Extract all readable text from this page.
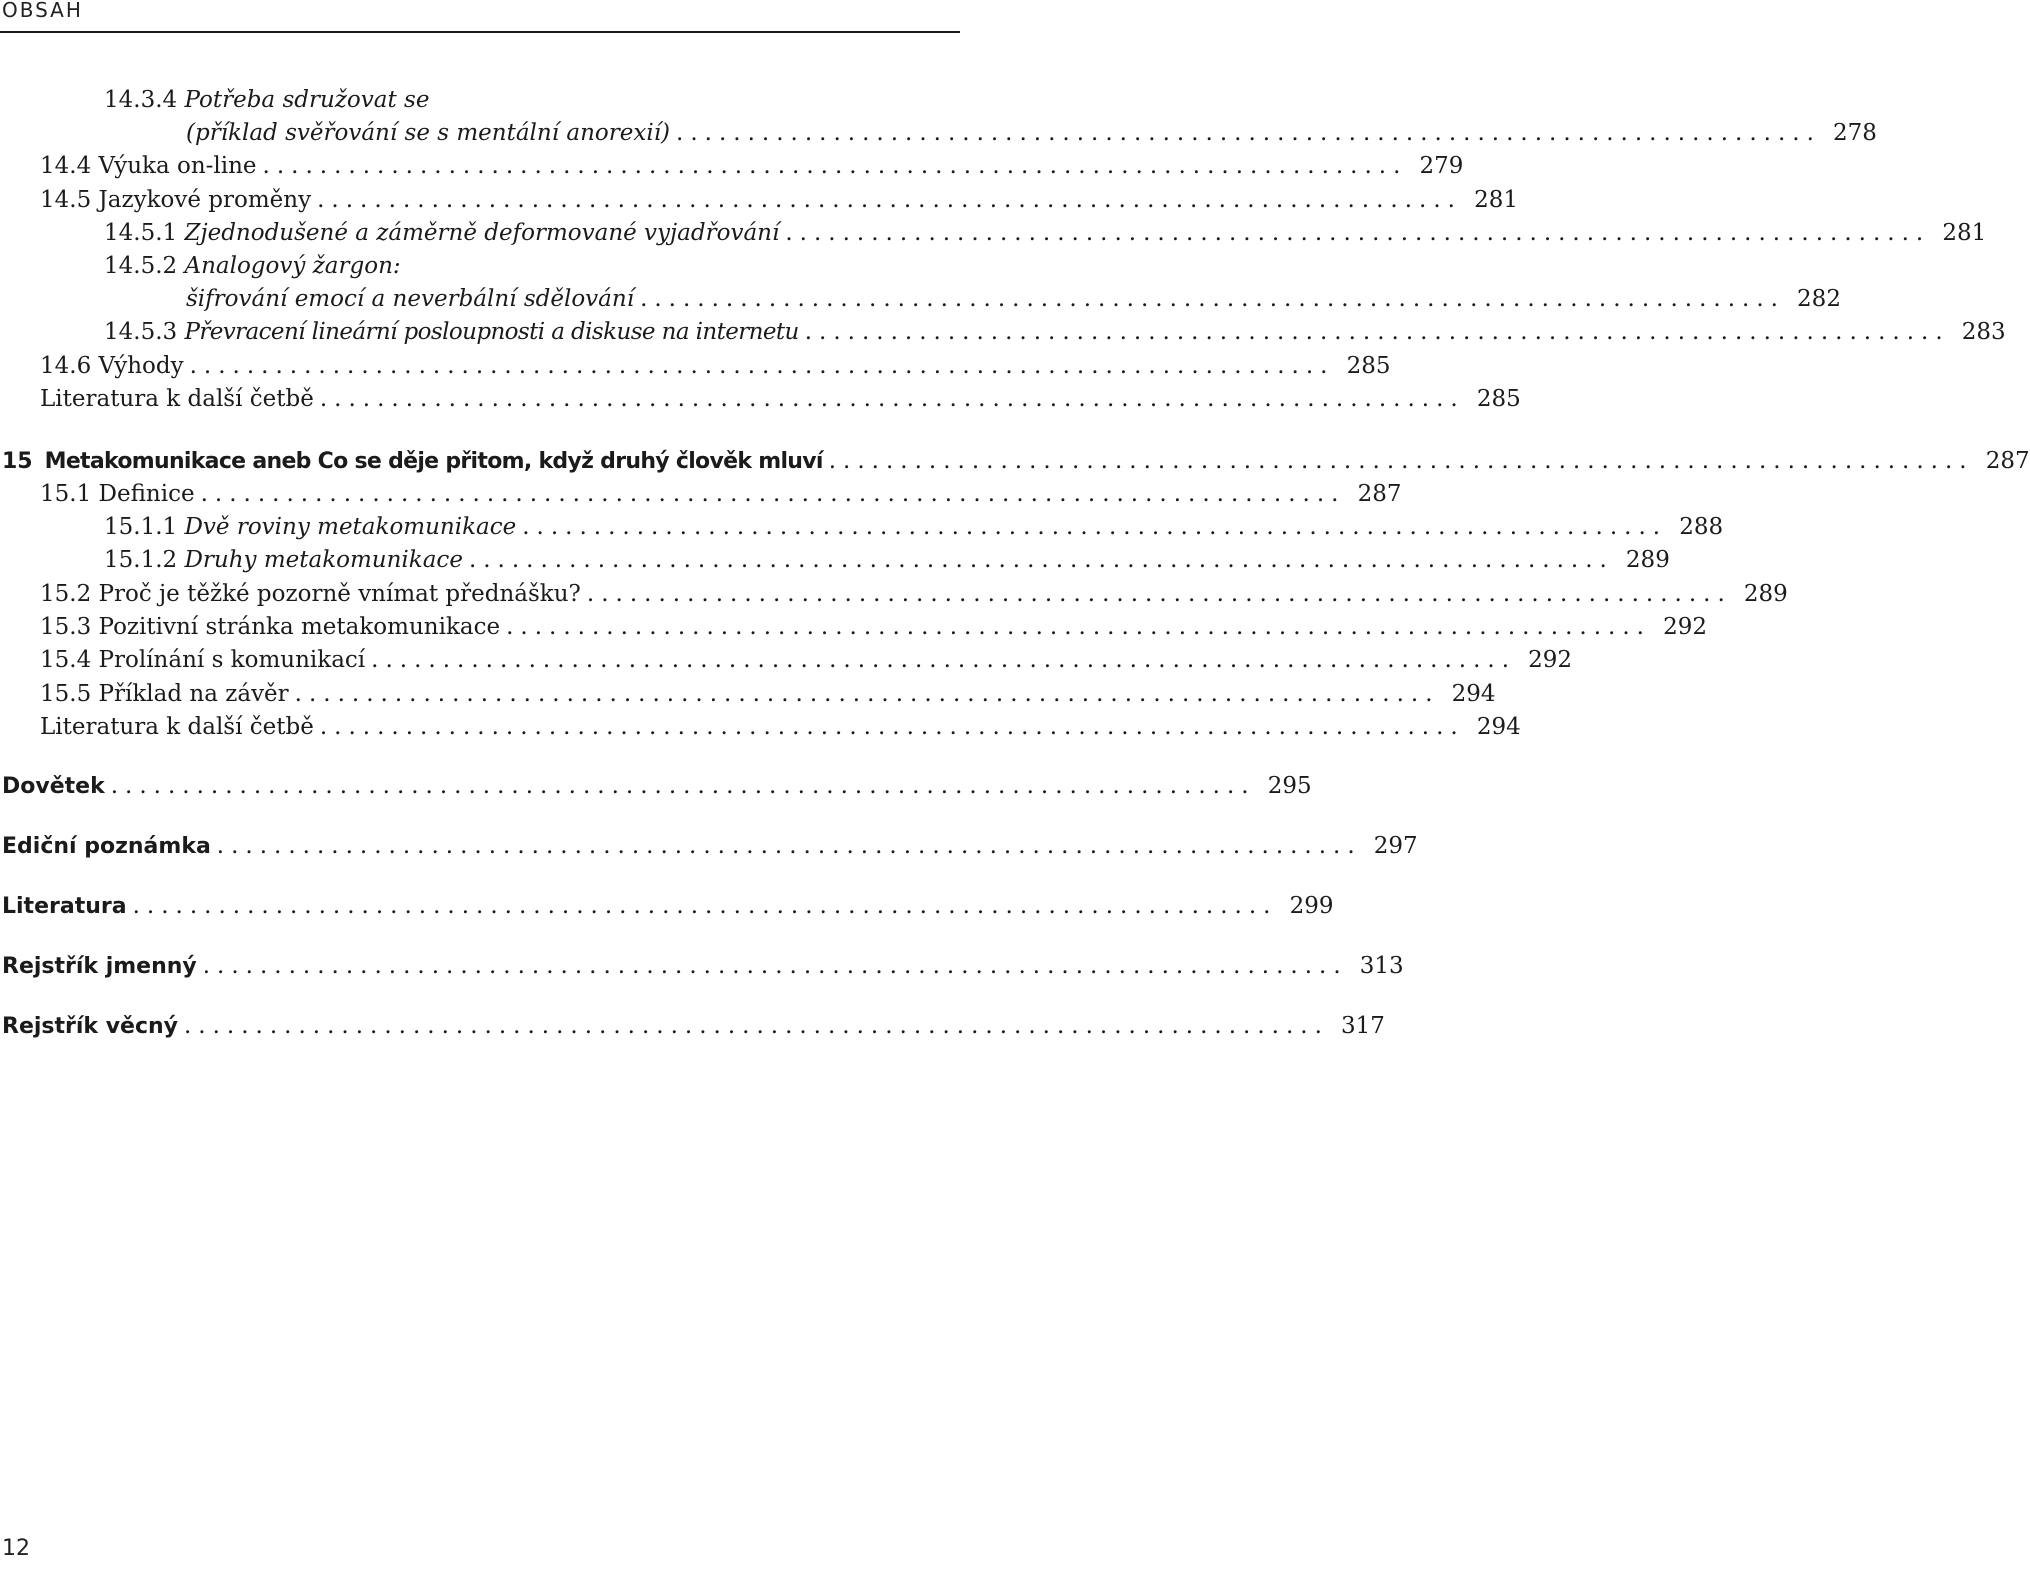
OBSAH
14.3.4
Potřeba sdružovat se
(příklad svěřování se s mentální anorexií) ................................................................................ 278
14.4
Výuka on-line ................................................................................ 279
14.5
Jazykové proměny ................................................................................ 281
14.5.1
Zjednodušené a záměrně deformované vyjadřování ................................................................................ 281
14.5.2
Analogový žargon:
šifrování emocí a neverbální sdělování ................................................................................ 282
14.5.3
Převracení lineární posloupnosti a diskuse na internetu ................................................................................ 283
14.6
Výhody ................................................................................ 285
Literatura k další četbě ................................................................................ 285
15 Metakomunikace aneb Co se děje přitom, když druhý člověk mluví ................................................................................ 287
15.1
Definice ................................................................................ 287
15.1.1
Dvě roviny metakomunikace ................................................................................ 288
15.1.2
Druhy metakomunikace ................................................................................ 289
15.2
Proč je těžké pozorně vnímat přednášku? ................................................................................ 289
15.3
Pozitivní stránka metakomunikace ................................................................................ 292
15.4
Prolínání s komunikací ................................................................................ 292
15.5
Příklad na závěr ................................................................................ 294
Literatura k další četbě ................................................................................ 294
Dovětek ................................................................................ 295
Ediční poznámka ................................................................................ 297
Literatura ................................................................................ 299
Rejstřík jmenný ................................................................................ 313
Rejstřík věcný ................................................................................ 317
12
